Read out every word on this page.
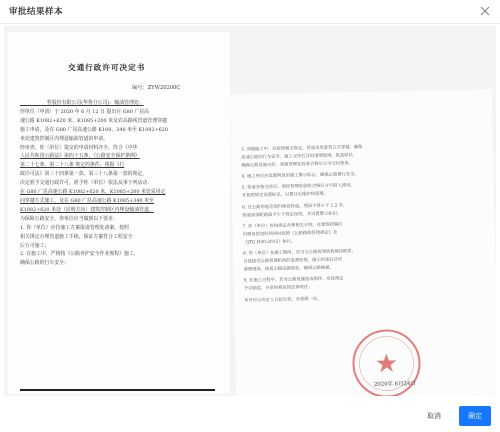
审批结果样本
交通行政许可决定书
编号：ZYW20200C
___________售股份有限公司(华鲁分公司)：输油管理处：
你单位（申请）于 2020 年 6 月 12 日 提出在 G80 广昆高
速公路 K1082+620 米、K1085+200 米及农高路线管道管理穿越
施工申请，及在 G80 广昆高速公路 K108、340 米至 K1082+620
米处建筑控制区内埋设输油管道的申请。
经审查，你（单位）提交的申请材料齐全，符合《中华
人民共和国公路法》第四十五条、《公路安全保护条例》
第二十七条、第二十八条 规定的条件，根据《行
政许可法》第三十四条第一款、第三十八条第一款的规定，
决定准予交通行政许可，准予你（单位）依法从事下列活动：
在 G80 广昆高速公路 K1082+620 米、K1085+200 米处采用定
向穿越方式施工，及在 G80 广昆高速公路 K1085+340 米至
K1082+620 米处（昆明方向）建筑控制区内埋设输油管道。
为保障公路安全，你单位应当做到以下要求：
1. 你（单位）应持施工方案报请管理处备案，按照
相关规定办理管道施工手续，保证方案符合工程安全
后方可施工；
2. 在施工中，严格按《公路养护安全作业规程》施工，
确保公路的行车安全；
3. 穿越施工中，应按照相关规定，管道采用套管方式穿越，确保
高速公路的行车安全，施工完毕后及时清理现场，恢复原状，
确保公路设施完好，需报管理处验收合格后方可交付使用。
4. 施工单位应设置明显的施工警示标志，确保公路通行安全。
5. 管道安装完毕后，须经管理处验收合格后方可投入使用，
并按照规定设置标识，以便日后维护和管理。
6. 在公路用地范围内埋设管道，埋深不得小于 1.2 米，
管道顶部距路面不少于规定深度，并设置警示标识。
7. 你（单位）应按规定办理相关手续，在建筑控制区
内埋设管道时须同时按照《公路路政管理规定》及
《JTG H30-2015》执行。
8. 你（单位）在施工期间，应当与公路管理机构保持联系，
自觉接受公路管理机构的监督检查，施工结束后及时
清理现场，恢复公路设施原状，确保公路畅通。
9. 在施工过程中，若对公路设施造成损坏，应按规定
予以赔偿，并承担相应的法律责任。
本许可自决定之日起生效，有效期一年。
2020年 6月24日
取消	确定
